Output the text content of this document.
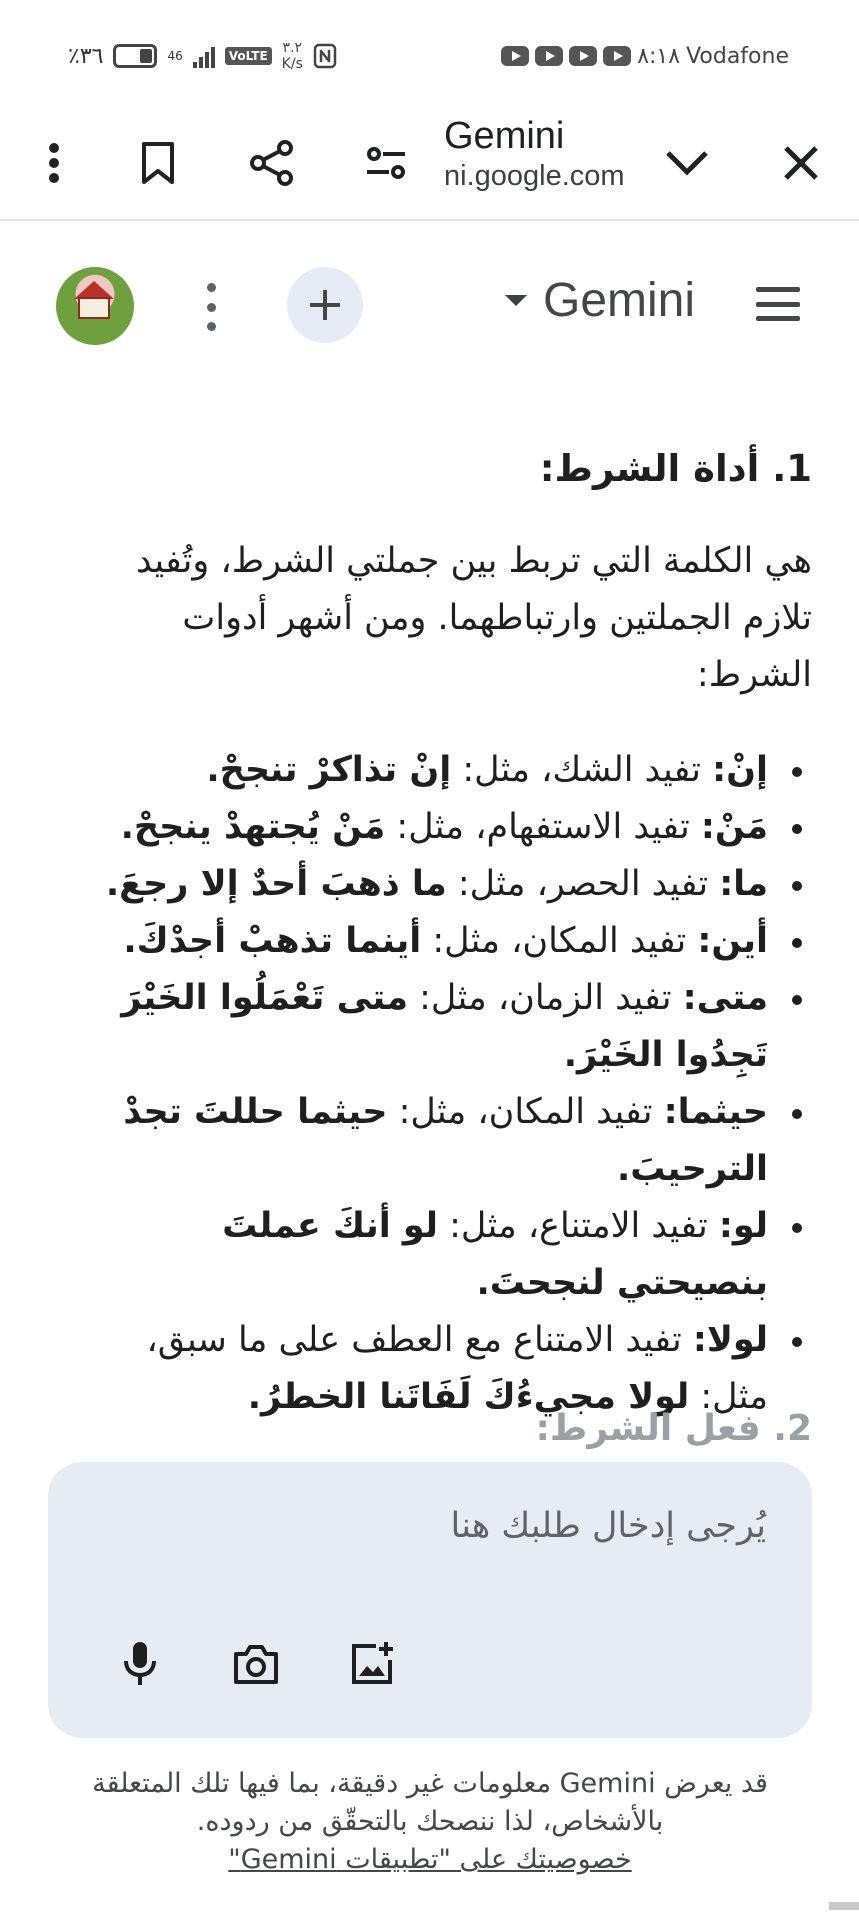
٪٣٦	46	VoLTE ٣.٢
K/s	٨:١٨ Vodafone
Gemini
ni.google.com
Gemini
1. أداة الشرط:

هي الكلمة التي تربط بين جملتي الشرط، وتُفيد تلازم الجملتين وارتباطهما. ومن أشهر أدوات الشرط:

إنْ: تفيد الشك، مثل: إنْ تذاكرْ تنجحْ.
مَنْ: تفيد الاستفهام، مثل: مَنْ يُجتهدْ ينجحْ.
ما: تفيد الحصر، مثل: ما ذهبَ أحدٌ إلا رجعَ.
أين: تفيد المكان، مثل: أينما تذهبْ أجدْكَ.
متى: تفيد الزمان، مثل: متى تَعْمَلُوا الخَيْرَ تَجِدُوا الخَيْرَ.
حيثما: تفيد المكان، مثل: حيثما حللتَ تجدْ الترحيبَ.
لو: تفيد الامتناع، مثل: لو أنكَ عملتَ بنصيحتي لنجحتَ.
لولا: تفيد الامتناع مع العطف على ما سبق، مثل: لولا مجيءُكَ لَفَاتَنا الخطرُ.
2. فعل الشرط:
يُرجى إدخال طلبك هنا
قد يعرض Gemini معلومات غير دقيقة، بما فيها تلك المتعلقة بالأشخاص، لذا ننصحك بالتحقّق من ردوده.
خصوصيتك على "تطبيقات Gemini"
